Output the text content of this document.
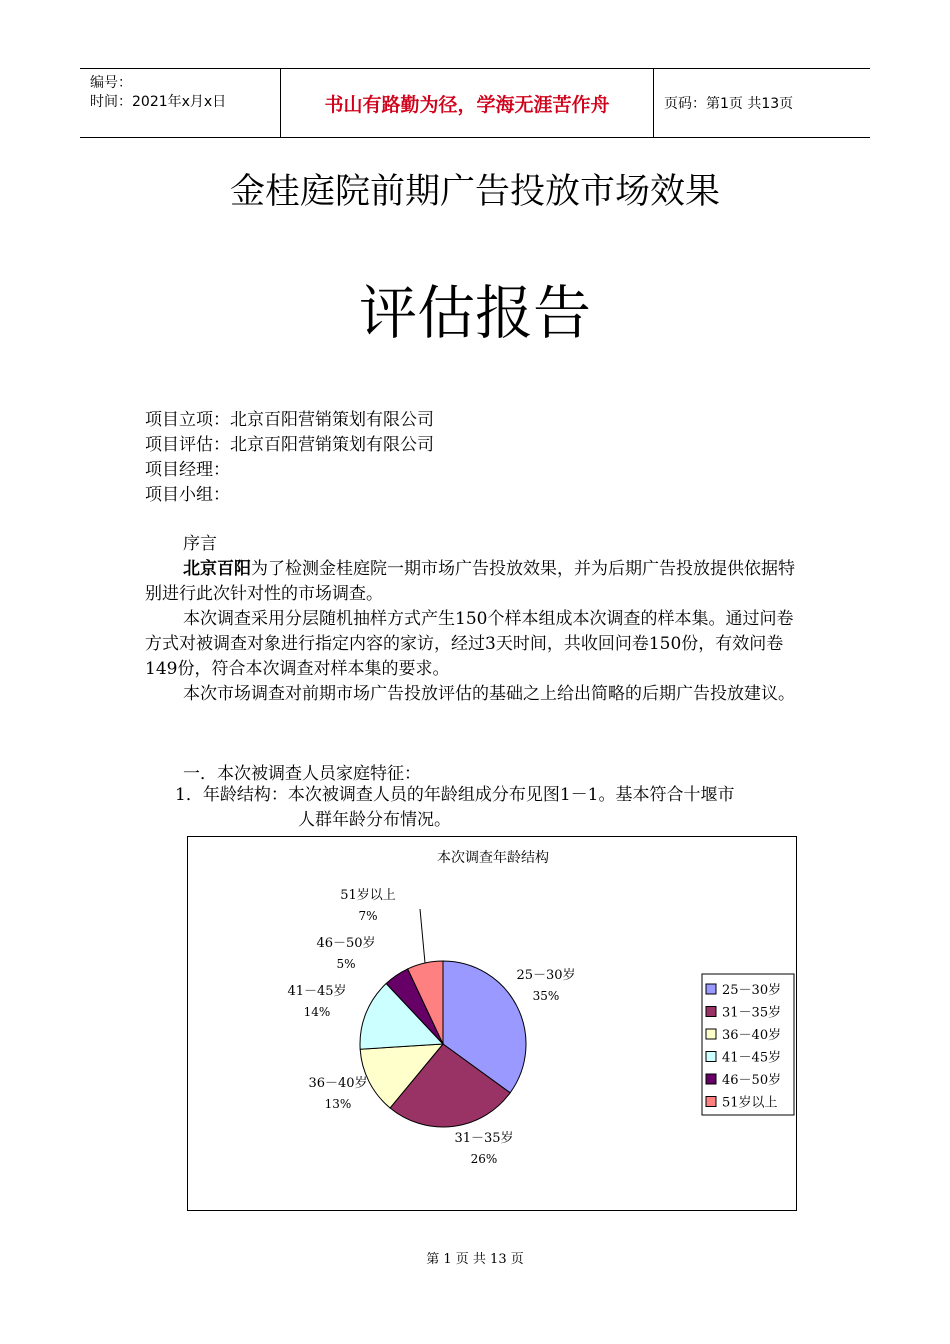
编号：
时间：2021年x月x日	书山有路勤为径，学海无涯苦作舟	页码：第1页 共13页
金桂庭院前期广告投放市场效果
评估报告
项目立项：北京百阳营销策划有限公司
项目评估：北京百阳营销策划有限公司
项目经理：
项目小组：

序言

北京百阳为了检测金桂庭院一期市场广告投放效果，并为后期广告投放提供依据特别进行此次针对性的市场调查。

本次调查采用分层随机抽样方式产生150个样本组成本次调查的样本集。通过问卷方式对被调查对象进行指定内容的家访，经过3天时间，共收回问卷150份，有效问卷149份，符合本次调查对样本集的要求。

本次市场调查对前期市场广告投放评估的基础之上给出简略的后期广告投放建议。

一．本次被调查人员家庭特征：
1．年龄结构：本次被调查人员的年龄组成分布见图1－1。基本符合十堰市
人群年龄分布情况。
本次调查年龄结构
25－30岁
35%
31－35岁
26%
36－40岁
13%
41－45岁
14%
46－50岁
5%
51岁以上
7%
25－30岁
31－35岁
36－40岁
41－45岁
46－50岁
51岁以上
第 1 页 共 13 页
